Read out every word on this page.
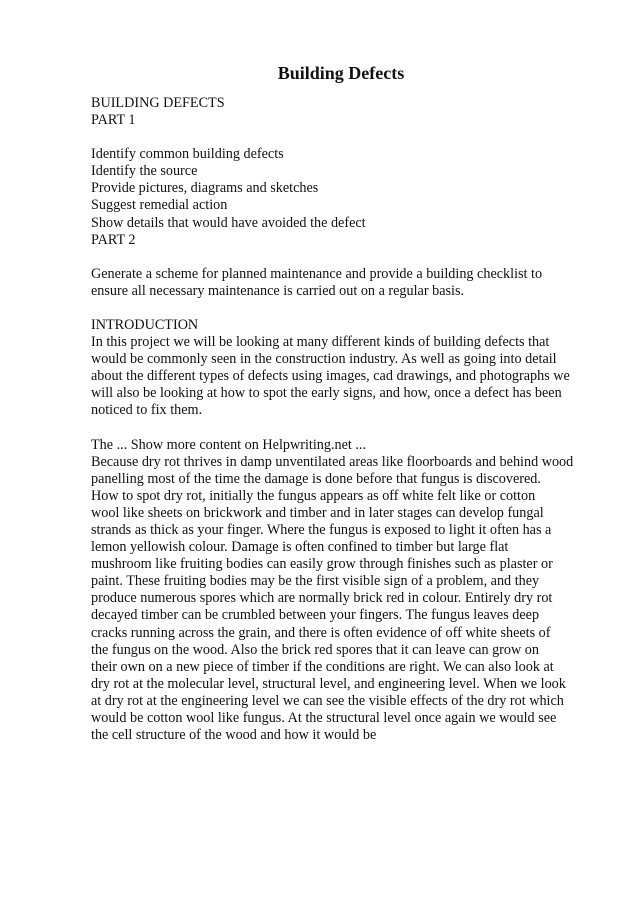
Building Defects
BUILDING DEFECTS
PART 1
Identify common building defects
Identify the source
Provide pictures, diagrams and sketches
Suggest remedial action
Show details that would have avoided the defect
PART 2
Generate a scheme for planned maintenance and provide a building checklist to
ensure all necessary maintenance is carried out on a regular basis.
INTRODUCTION
In this project we will be looking at many different kinds of building defects that
would be commonly seen in the construction industry. As well as going into detail
about the different types of defects using images, cad drawings, and photographs we
will also be looking at how to spot the early signs, and how, once a defect has been
noticed to fix them.
The ... Show more content on Helpwriting.net ...
Because dry rot thrives in damp unventilated areas like floorboards and behind wood
panelling most of the time the damage is done before that fungus is discovered.
How to spot dry rot, initially the fungus appears as off white felt like or cotton
wool like sheets on brickwork and timber and in later stages can develop fungal
strands as thick as your finger. Where the fungus is exposed to light it often has a
lemon yellowish colour. Damage is often confined to timber but large flat
mushroom like fruiting bodies can easily grow through finishes such as plaster or
paint. These fruiting bodies may be the first visible sign of a problem, and they
produce numerous spores which are normally brick red in colour. Entirely dry rot
decayed timber can be crumbled between your fingers. The fungus leaves deep
cracks running across the grain, and there is often evidence of off white sheets of
the fungus on the wood. Also the brick red spores that it can leave can grow on
their own on a new piece of timber if the conditions are right. We can also look at
dry rot at the molecular level, structural level, and engineering level. When we look
at dry rot at the engineering level we can see the visible effects of the dry rot which
would be cotton wool like fungus. At the structural level once again we would see
the cell structure of the wood and how it would be
